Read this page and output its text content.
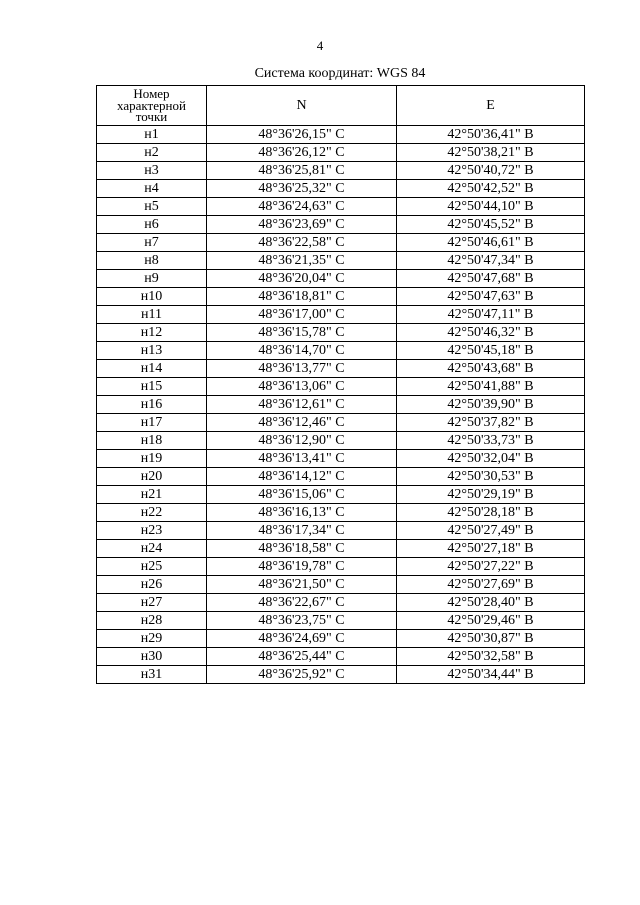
4
Система координат: WGS 84
Номер
характерной
точки	N	E
н1	48°36'26,15" С	42°50'36,41" В
н2	48°36'26,12" С	42°50'38,21" В
н3	48°36'25,81" С	42°50'40,72" В
н4	48°36'25,32" С	42°50'42,52" В
н5	48°36'24,63" С	42°50'44,10" В
н6	48°36'23,69" С	42°50'45,52" В
н7	48°36'22,58" С	42°50'46,61" В
н8	48°36'21,35" С	42°50'47,34" В
н9	48°36'20,04" С	42°50'47,68" В
н10	48°36'18,81" С	42°50'47,63" В
н11	48°36'17,00" С	42°50'47,11" В
н12	48°36'15,78" С	42°50'46,32" В
н13	48°36'14,70" С	42°50'45,18" В
н14	48°36'13,77" С	42°50'43,68" В
н15	48°36'13,06" С	42°50'41,88" В
н16	48°36'12,61" С	42°50'39,90" В
н17	48°36'12,46" С	42°50'37,82" В
н18	48°36'12,90" С	42°50'33,73" В
н19	48°36'13,41" С	42°50'32,04" В
н20	48°36'14,12" С	42°50'30,53" В
н21	48°36'15,06" С	42°50'29,19" В
н22	48°36'16,13" С	42°50'28,18" В
н23	48°36'17,34" С	42°50'27,49" В
н24	48°36'18,58" С	42°50'27,18" В
н25	48°36'19,78" С	42°50'27,22" В
н26	48°36'21,50" С	42°50'27,69" В
н27	48°36'22,67" С	42°50'28,40" В
н28	48°36'23,75" С	42°50'29,46" В
н29	48°36'24,69" С	42°50'30,87" В
н30	48°36'25,44" С	42°50'32,58" В
н31	48°36'25,92" С	42°50'34,44" В
